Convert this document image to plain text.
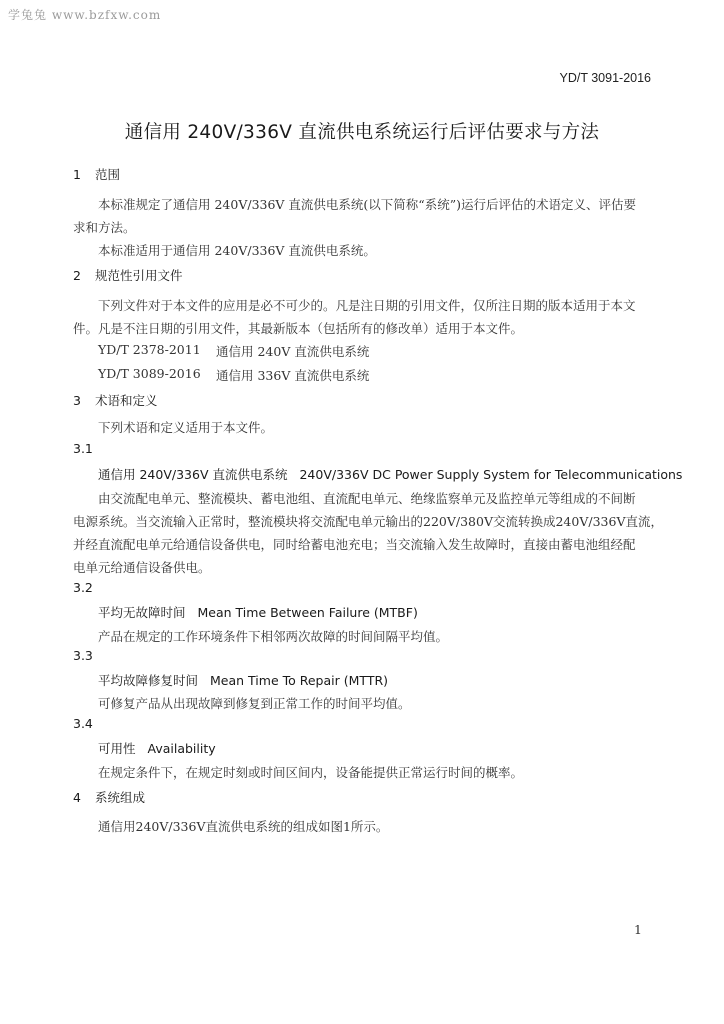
学兔兔 www.bzfxw.com
YD/T 3091-2016
通信用 240V/336V 直流供电系统运行后评估要求与方法
1 范围
本标准规定了通信用 240V/336V 直流供电系统(以下简称“系统”)运行后评估的术语定义、评估要
求和方法。
本标准适用于通信用 240V/336V 直流供电系统。
2 规范性引用文件
下列文件对于本文件的应用是必不可少的。凡是注日期的引用文件，仅所注日期的版本适用于本文
件。凡是不注日期的引用文件，其最新版本（包括所有的修改单）适用于本文件。
YD/T 2378-2011 通信用 240V 直流供电系统
YD/T 3089-2016 通信用 336V 直流供电系统
3 术语和定义
下列术语和定义适用于本文件。
3.1
通信用 240V/336V 直流供电系统 240V/336V DC Power Supply System for Telecommunications
由交流配电单元、整流模块、蓄电池组、直流配电单元、绝缘监察单元及监控单元等组成的不间断
电源系统。当交流输入正常时，整流模块将交流配电单元输出的220V/380V交流转换成240V/336V直流，
并经直流配电单元给通信设备供电，同时给蓄电池充电；当交流输入发生故障时，直接由蓄电池组经配
电单元给通信设备供电。
3.2
平均无故障时间 Mean Time Between Failure (MTBF)
产品在规定的工作环境条件下相邻两次故障的时间间隔平均值。
3.3
平均故障修复时间 Mean Time To Repair (MTTR)
可修复产品从出现故障到修复到正常工作的时间平均值。
3.4
可用性 Availability
在规定条件下，在规定时刻或时间区间内，设备能提供正常运行时间的概率。
4 系统组成
通信用240V/336V直流供电系统的组成如图1所示。
1
